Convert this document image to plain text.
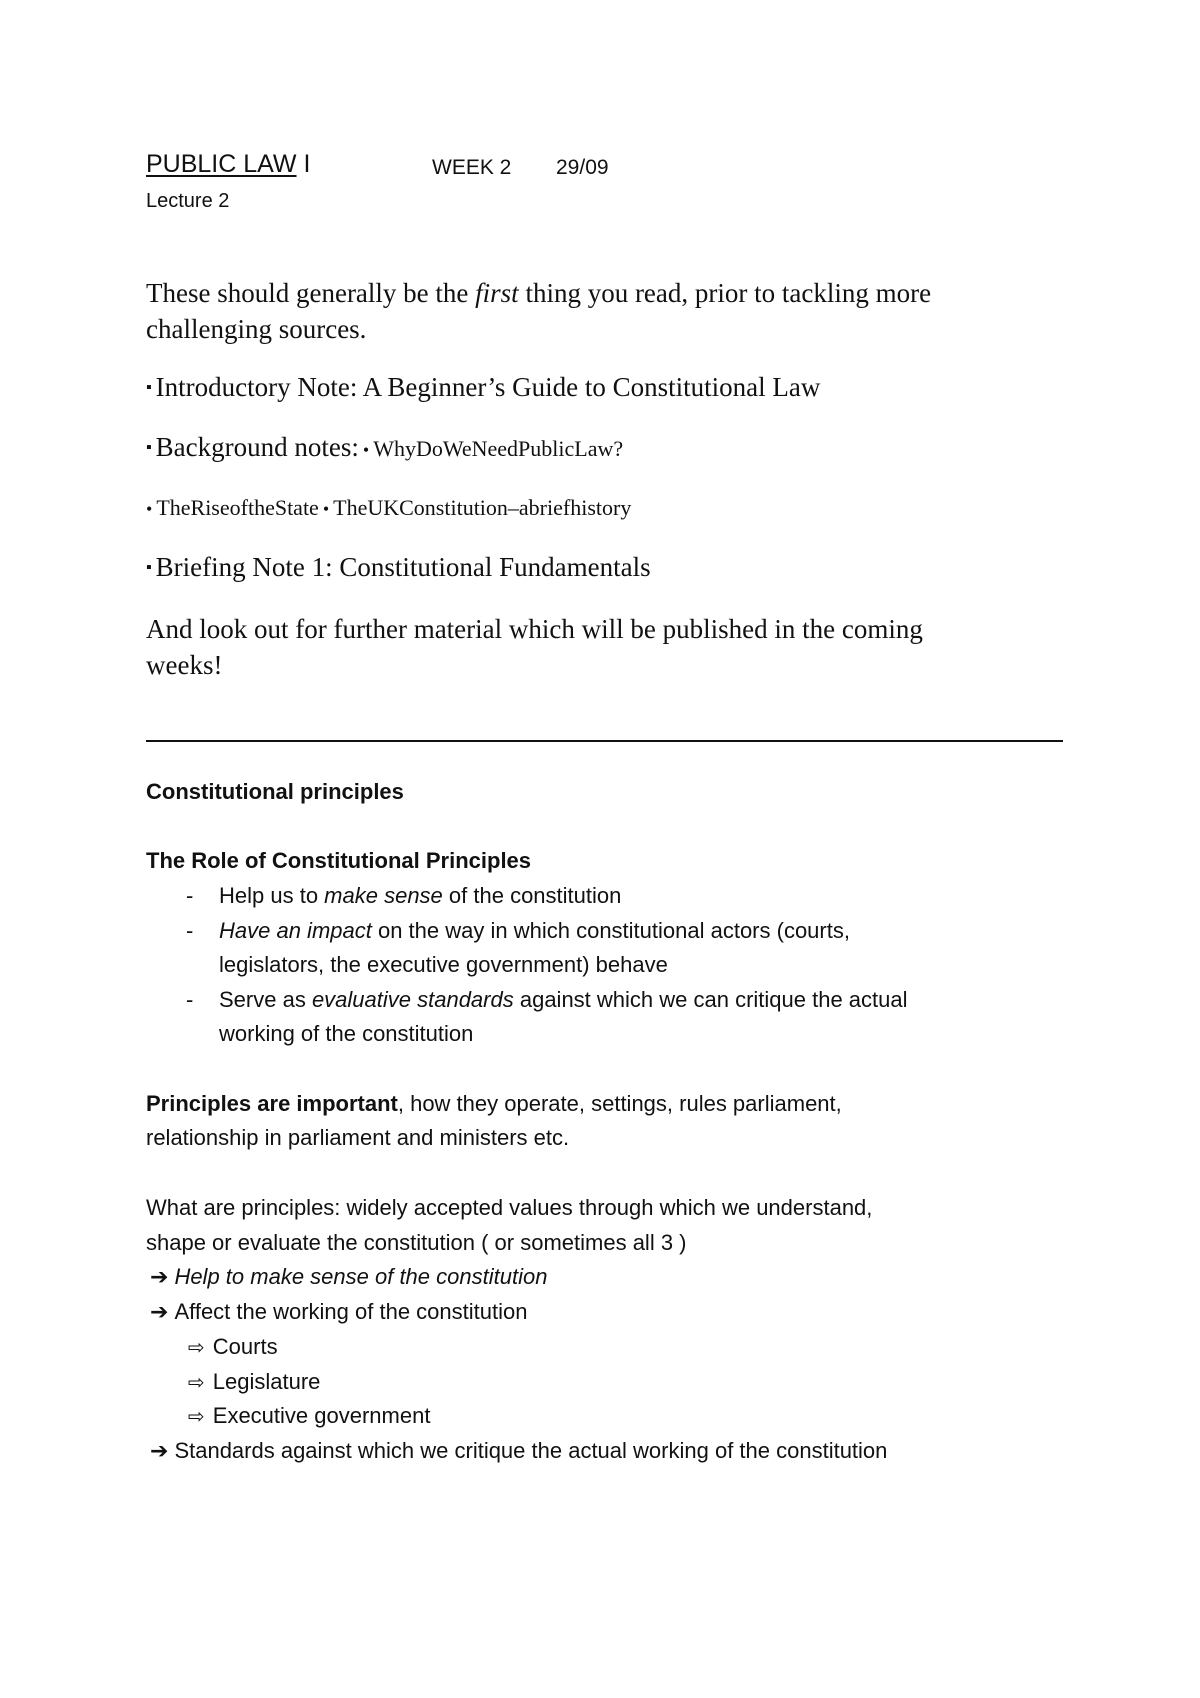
PUBLIC LAW I	WEEK 2 29/09
Lecture 2
These should generally be the first thing you read, prior to tackling more challenging sources.
▪ Introductory Note: A Beginner’s Guide to Constitutional Law
▪ Background notes: • WhyDoWeNeedPublicLaw?
• TheRiseoftheState • TheUKConstitution–abriefhistory
▪ Briefing Note 1: Constitutional Fundamentals
And look out for further material which will be published in the coming
weeks!
Constitutional principles
The Role of Constitutional Principles
- Help us to make sense of the constitution
- Have an impact on the way in which constitutional actors (courts,
legislators, the executive government) behave
- Serve as evaluative standards against which we can critique the actual
working of the constitution
Principles are important, how they operate, settings, rules parliament,
relationship in parliament and ministers etc.
What are principles: widely accepted values through which we understand,
shape or evaluate the constitution ( or sometimes all 3 )
➔ Help to make sense of the constitution
➔ Affect the working of the constitution
⇨ Courts
⇨ Legislature
⇨ Executive government
➔ Standards against which we critique the actual working of the constitution
